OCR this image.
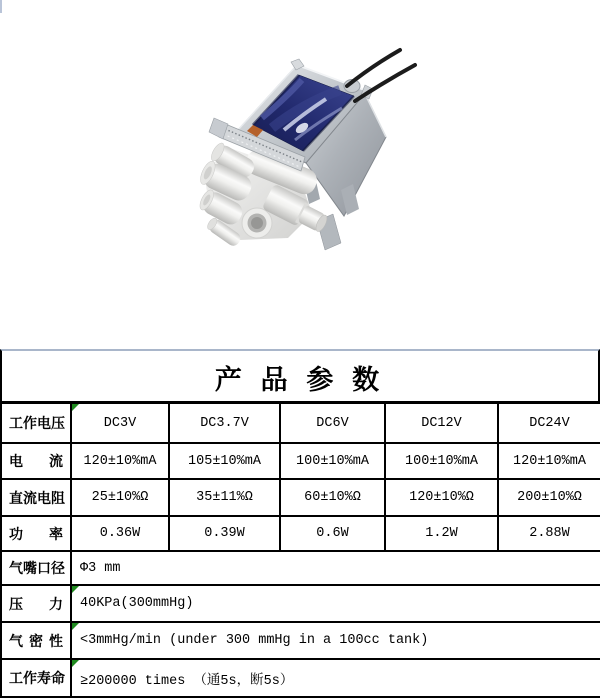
产 品 参 数
工作电压	DC3V	DC3.7V	DC6V	DC12V	DC24V
电流	120±10%mA	105±10%mA	100±10%mA	100±10%mA	120±10%mA
直流电阻	25±10%Ω	35±11%Ω	60±10%Ω	120±10%Ω	200±10%Ω
功率	0.36W	0.39W	0.6W	1.2W	2.88W
气嘴口径	Φ3 mm				
压力	40KPa(300mmHg)				
气密性	<3mmHg/min (under 300 mmHg in a 100cc tank)				
工作寿命	≥200000 times （通5s，断5s）				
